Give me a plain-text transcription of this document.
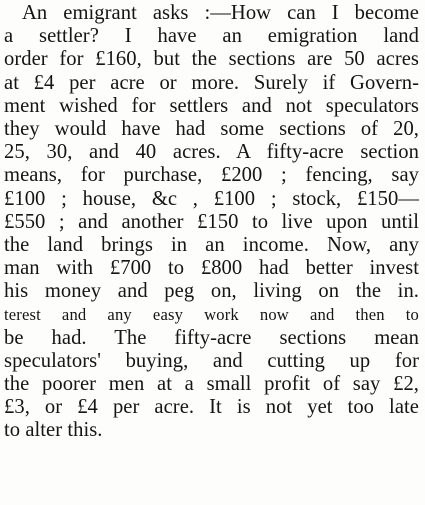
An emigrant asks :—How can I become
a settler? I have an emigration land
order for £160, but the sections are 50 acres
at £4 per acre or more. Surely if Govern-
ment wished for settlers and not speculators
they would have had some sections of 20,
25, 30, and 40 acres. A fifty-acre section
means, for purchase, £200 ; fencing, say
£100 ; house, &c , £100 ; stock, £150—
£550 ; and another £150 to live upon until
the land brings in an income. Now, any
man with £700 to £800 had better invest
his money and peg on, living on the in.
terest and any easy work now and then to
be had. The fifty-acre sections mean
speculators' buying, and cutting up for
the poorer men at a small profit of say £2,
£3, or £4 per acre. It is not yet too late
to alter this.
